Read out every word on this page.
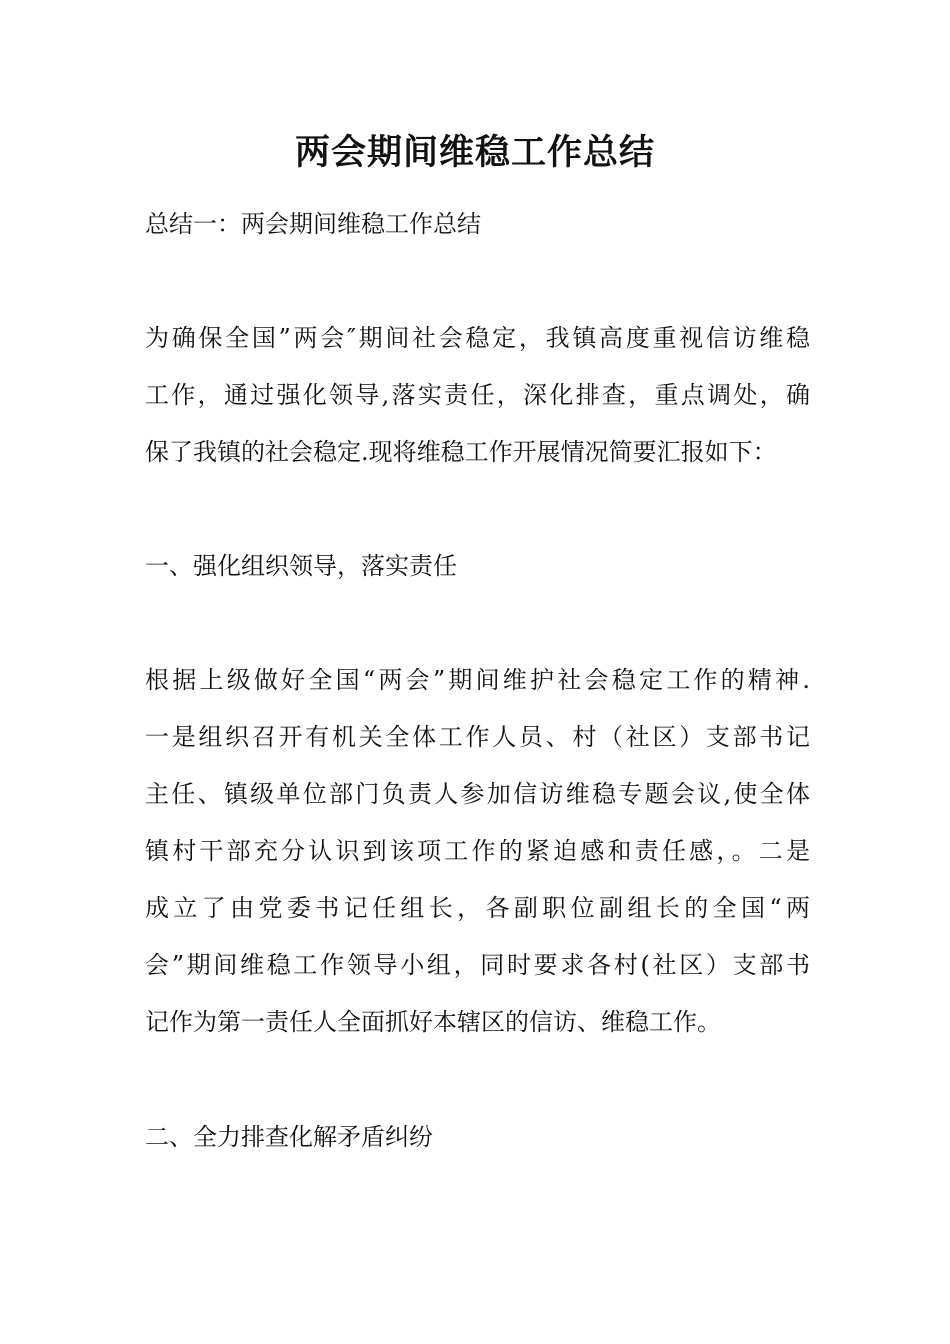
两会期间维稳工作总结

总结一：两会期间维稳工作总结

为确保全国”两会″期间社会稳定，我镇高度重视信访维稳

工作，通过强化领导,落实责任，深化排查，重点调处，确

保了我镇的社会稳定.现将维稳工作开展情况简要汇报如下：

一、强化组织领导，落实责任

根据上级做好全国“两会”期间维护社会稳定工作的精神.

一是组织召开有机关全体工作人员、村（社区）支部书记

主任、镇级单位部门负责人参加信访维稳专题会议,使全体

镇村干部充分认识到该项工作的紧迫感和责任感，。二是

成立了由党委书记任组长，各副职位副组长的全国“两

会”期间维稳工作领导小组，同时要求各村(社区）支部书

记作为第一责任人全面抓好本辖区的信访、维稳工作。

二、全力排查化解矛盾纠纷
